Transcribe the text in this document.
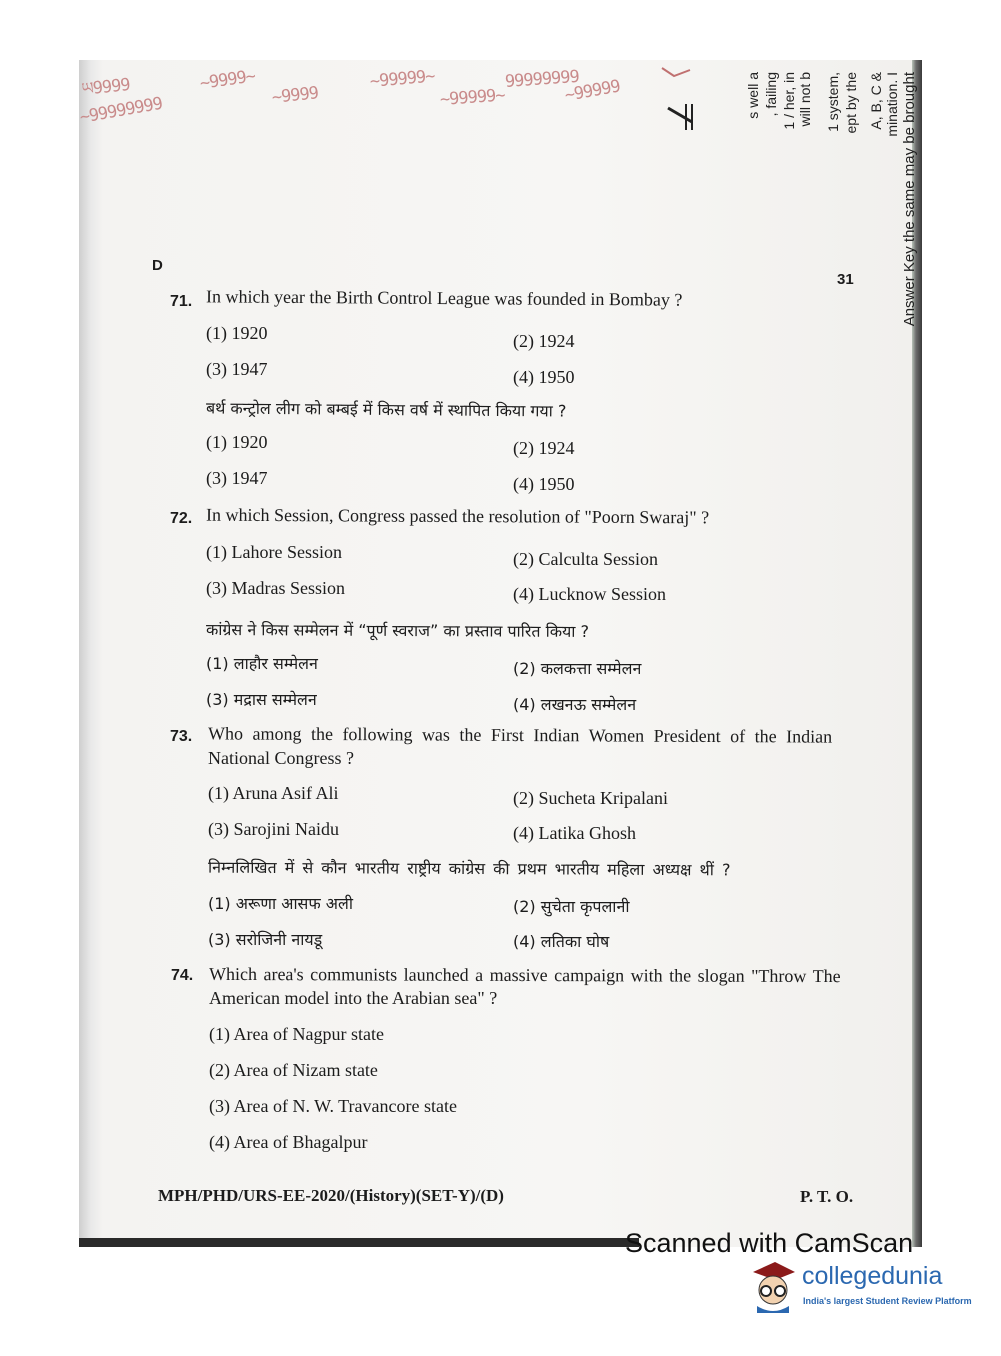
ཡ9999
~99999999
~9999~
~9999
~99999~
~99999~
99999999
~99999	s well a , failing 1 / her, in will not b 1 system, ept by the A, B, C & mination. I Answer Key the same may be brought
D
31
71. In which year the Birth Control League was founded in Bombay ?
(1) 1920	(2) 1924
(3) 1947	(4) 1950
बर्थ कन्ट्रोल लीग को बम्बई में किस वर्ष में स्थापित किया गया ?
(1) 1920	(2) 1924
(3) 1947	(4) 1950
72. In which Session, Congress passed the resolution of "Poorn Swaraj" ?
(1) Lahore Session	(2) Calculta Session
(3) Madras Session	(4) Lucknow Session
कांग्रेस ने किस सम्मेलन में “पूर्ण स्वराज” का प्रस्ताव पारित किया ?
(1) लाहौर सम्मेलन	(2) कलकत्ता सम्मेलन
(3) मद्रास सम्मेलन	(4) लखनऊ सम्मेलन
73. Who among the following was the First Indian Women President of the Indian
National Congress ?
(1) Aruna Asif Ali	(2) Sucheta Kripalani
(3) Sarojini Naidu	(4) Latika Ghosh
निम्नलिखित में से कौन भारतीय राष्ट्रीय कांग्रेस की प्रथम भारतीय महिला अध्यक्ष थीं ?
(1) अरूणा आसफ अली	(2) सुचेता कृपलानी
(3) सरोजिनी नायडू	(4) लतिका घोष
74. Which area's communists launched a massive campaign with the slogan "Throw The
American model into the Arabian sea" ?
(1) Area of Nagpur state
(2) Area of Nizam state
(3) Area of N. W. Travancore state
(4) Area of Bhagalpur
MPH/PHD/URS-EE-2020/(History)(SET-Y)/(D)	P. T. O.
Scanned with CamScan
collegedunia
India's largest Student Review Platform
